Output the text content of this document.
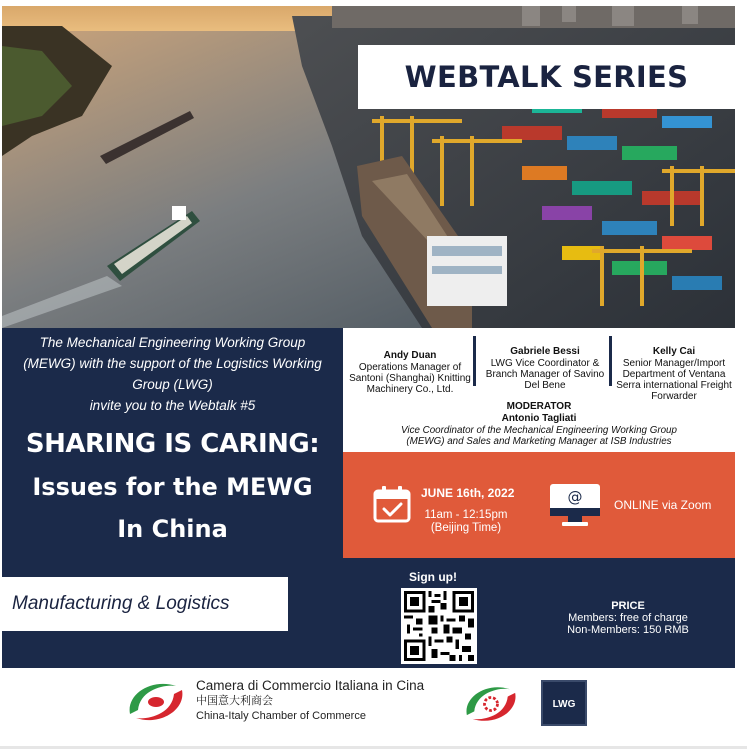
WEBTALK SERIES
The Mechanical Engineering Working Group
(MEWG) with the support of the Logistics Working
Group (LWG)
invite you to the Webtalk #5
SHARING IS CARING:
Issues for the MEWG
In China
Manufacturing & Logistics
Andy Duan
Operations Manager of
Santoni (Shanghai) Knitting
Machinery Co., Ltd.
Gabriele Bessi
LWG Vice Coordinator &
Branch Manager of Savino
Del Bene
Kelly Cai
Senior Manager/Import
Department of Ventana
Serra international Freight
Forwarder
MODERATOR
Antonio Tagliati
Vice Coordinator of the Mechanical Engineering Working Group
(MEWG) and Sales and Marketing Manager at ISB Industries
JUNE 16th, 2022
11am - 12:15pm
(Beijing Time)
@	ONLINE via Zoom
Sign up!
PRICE
Members: free of charge
Non-Members: 150 RMB
Camera di Commercio Italiana in Cina
中国意大利商会
China-Italy Chamber of Commerce
LWG
